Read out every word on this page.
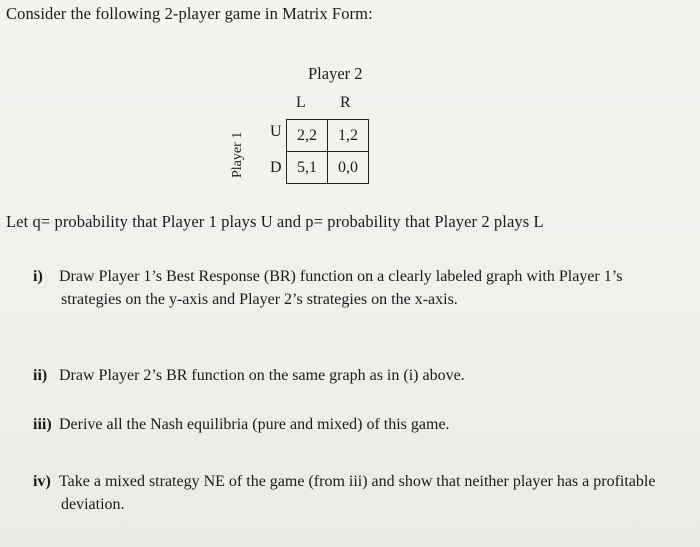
Consider the following 2-player game in Matrix Form:
Player 2
L R
Player 1
U
D
2,2	1,2
5,1	0,0
Let q= probability that Player 1 plays U and p= probability that Player 2 plays L
i) Draw Player 1’s Best Response (BR) function on a clearly labeled graph with Player 1’s
strategies on the y-axis and Player 2’s strategies on the x-axis.
ii) Draw Player 2’s BR function on the same graph as in (i) above.
iii) Derive all the Nash equilibria (pure and mixed) of this game.
iv) Take a mixed strategy NE of the game (from iii) and show that neither player has a profitable
deviation.
